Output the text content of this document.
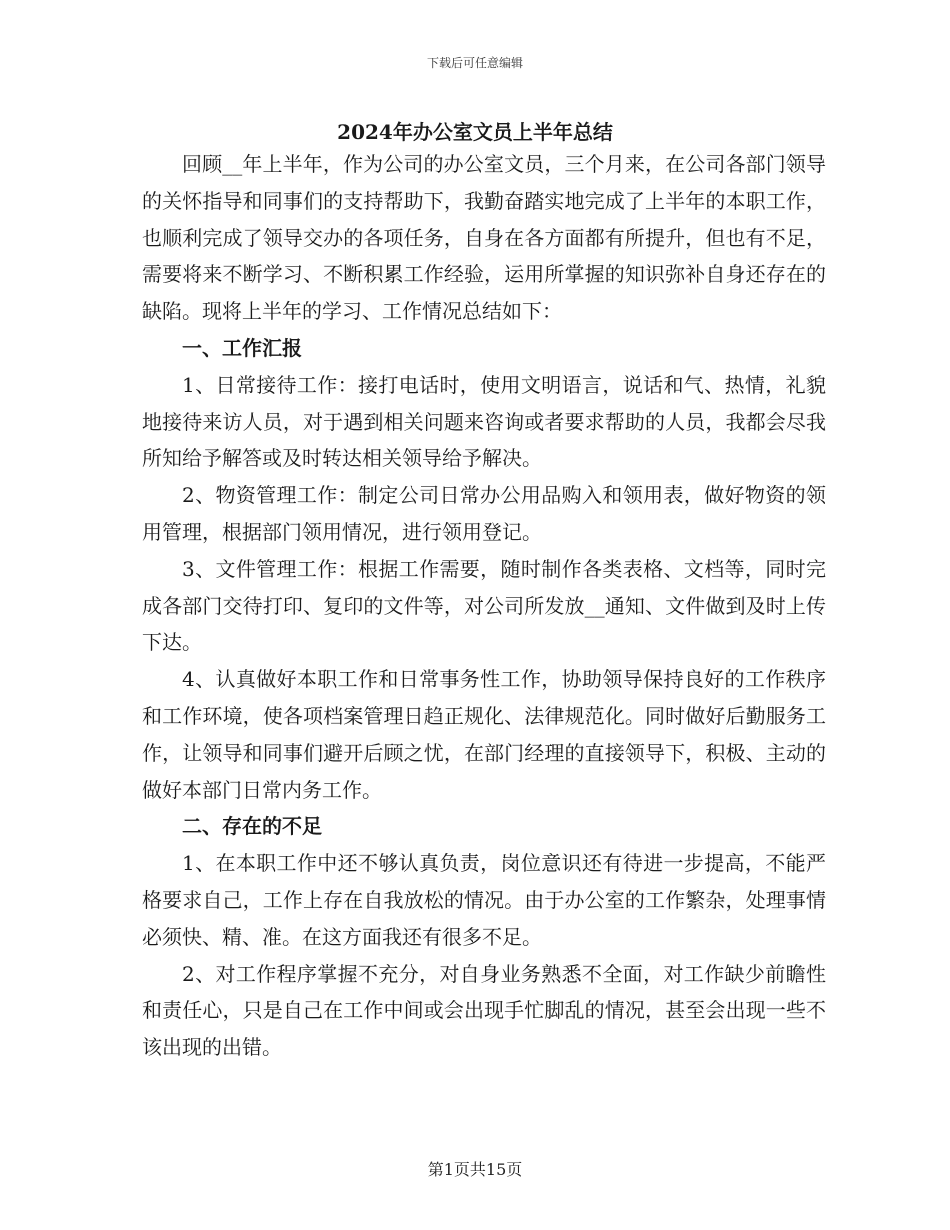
下载后可任意编辑
2024年办公室文员上半年总结

回顾__年上半年，作为公司的办公室文员，三个月来，在公司各部门领导的关怀指导和同事们的支持帮助下，我勤奋踏实地完成了上半年的本职工作，也顺利完成了领导交办的各项任务，自身在各方面都有所提升，但也有不足，需要将来不断学习、不断积累工作经验，运用所掌握的知识弥补自身还存在的缺陷。现将上半年的学习、工作情况总结如下：

一、工作汇报

1、日常接待工作：接打电话时，使用文明语言，说话和气、热情，礼貌地接待来访人员，对于遇到相关问题来咨询或者要求帮助的人员，我都会尽我所知给予解答或及时转达相关领导给予解决。

2、物资管理工作：制定公司日常办公用品购入和领用表，做好物资的领用管理，根据部门领用情况，进行领用登记。

3、文件管理工作：根据工作需要，随时制作各类表格、文档等，同时完成各部门交待打印、复印的文件等，对公司所发放__通知、文件做到及时上传下达。

4、认真做好本职工作和日常事务性工作，协助领导保持良好的工作秩序和工作环境，使各项档案管理日趋正规化、法律规范化。同时做好后勤服务工作，让领导和同事们避开后顾之忧，在部门经理的直接领导下，积极、主动的做好本部门日常内务工作。

二、存在的不足

1、在本职工作中还不够认真负责，岗位意识还有待进一步提高，不能严格要求自己，工作上存在自我放松的情况。由于办公室的工作繁杂，处理事情必须快、精、准。在这方面我还有很多不足。

2、对工作程序掌握不充分，对自身业务熟悉不全面，对工作缺少前瞻性和责任心，只是自己在工作中间或会出现手忙脚乱的情况，甚至会出现一些不该出现的出错。

第1页共15页
